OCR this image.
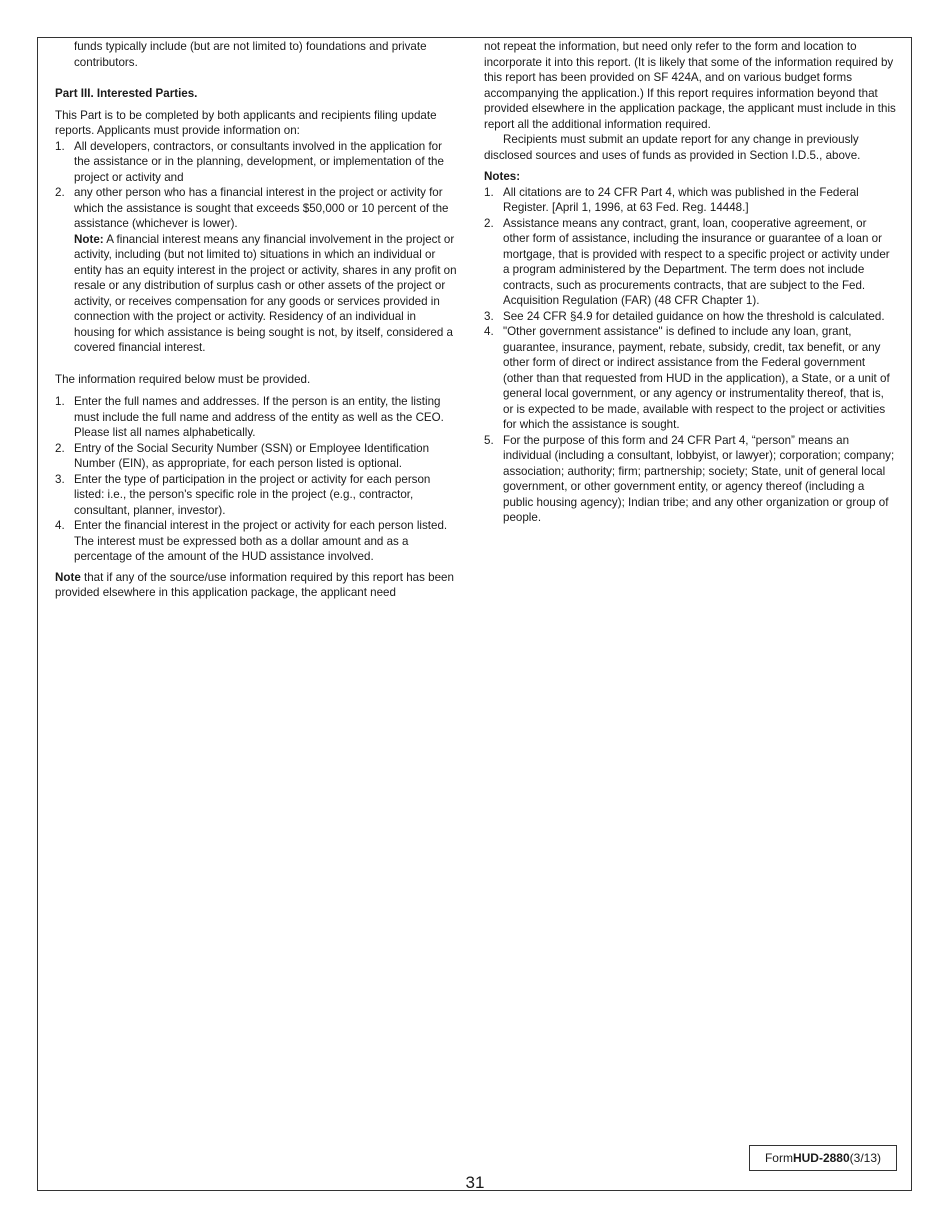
funds typically include (but are not limited to) foundations and private contributors.

Part III. Interested Parties.

This Part is to be completed by both applicants and recipients filing update reports. Applicants must provide information on:

1. All developers, contractors, or consultants involved in the application for the assistance or in the planning, development, or implementation of the project or activity and
2. any other person who has a financial interest in the project or activity for which the assistance is sought that exceeds $50,000 or 10 percent of the assistance (whichever is lower).
Note: A financial interest means any financial involvement in the project or activity, including (but not limited to) situations in which an individual or entity has an equity interest in the project or activity, shares in any profit on resale or any distribution of surplus cash or other assets of the project or activity, or receives compensation for any goods or services provided in connection with the project or activity. Residency of an individual in housing for which assistance is being sought is not, by itself, considered a covered financial interest.

The information required below must be provided.

1. Enter the full names and addresses. If the person is an entity, the listing must include the full name and address of the entity as well as the CEO. Please list all names alphabetically.
2. Entry of the Social Security Number (SSN) or Employee Identification Number (EIN), as appropriate, for each person listed is optional.
3. Enter the type of participation in the project or activity for each person listed: i.e., the person's specific role in the project (e.g., contractor, consultant, planner, investor).
4. Enter the financial interest in the project or activity for each person listed. The interest must be expressed both as a dollar amount and as a percentage of the amount of the HUD assistance involved.

Note that if any of the source/use information required by this report has been provided elsewhere in this application package, the applicant need

not repeat the information, but need only refer to the form and location to incorporate it into this report. (It is likely that some of the information required by this report has been provided on SF 424A, and on various budget forms accompanying the application.) If this report requires information beyond that provided elsewhere in the application package, the applicant must include in this report all the additional information required.

Recipients must submit an update report for any change in previously disclosed sources and uses of funds as provided in Section I.D.5., above.

Notes:

1. All citations are to 24 CFR Part 4, which was published in the Federal Register. [April 1, 1996, at 63 Fed. Reg. 14448.]
2. Assistance means any contract, grant, loan, cooperative agreement, or other form of assistance, including the insurance or guarantee of a loan or mortgage, that is provided with respect to a specific project or activity under a program administered by the Department. The term does not include contracts, such as procurements contracts, that are subject to the Fed. Acquisition Regulation (FAR) (48 CFR Chapter 1).
3. See 24 CFR §4.9 for detailed guidance on how the threshold is calculated.
4. "Other government assistance" is defined to include any loan, grant, guarantee, insurance, payment, rebate, subsidy, credit, tax benefit, or any other form of direct or indirect assistance from the Federal government (other than that requested from HUD in the application), a State, or a unit of general local government, or any agency or instrumentality thereof, that is, or is expected to be made, available with respect to the project or activities for which the assistance is sought.
5. For the purpose of this form and 24 CFR Part 4, “person” means an individual (including a consultant, lobbyist, or lawyer); corporation; company; association; authority; firm; partnership; society; State, unit of general local government, or other government entity, or agency thereof (including a public housing agency); Indian tribe; and any other organization or group of people.
Form HUD-2880 (3/13)
31
